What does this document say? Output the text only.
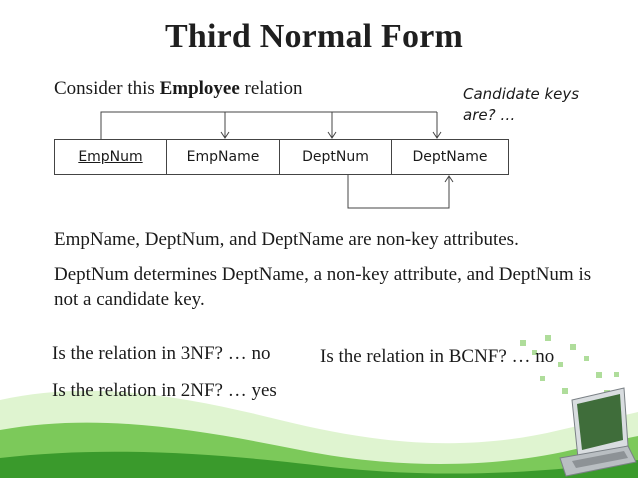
Third Normal Form
Consider this Employee relation	Candidate keys are? …
EmpNum	EmpName	DeptNum	DeptName
EmpName, DeptNum, and DeptName are non-key attributes.
DeptNum determines DeptName, a non-key attribute, and DeptNum is not a candidate key.
Is the relation in 3NF? … no	Is the relation in BCNF? … no
Is the relation in 2NF? … yes
